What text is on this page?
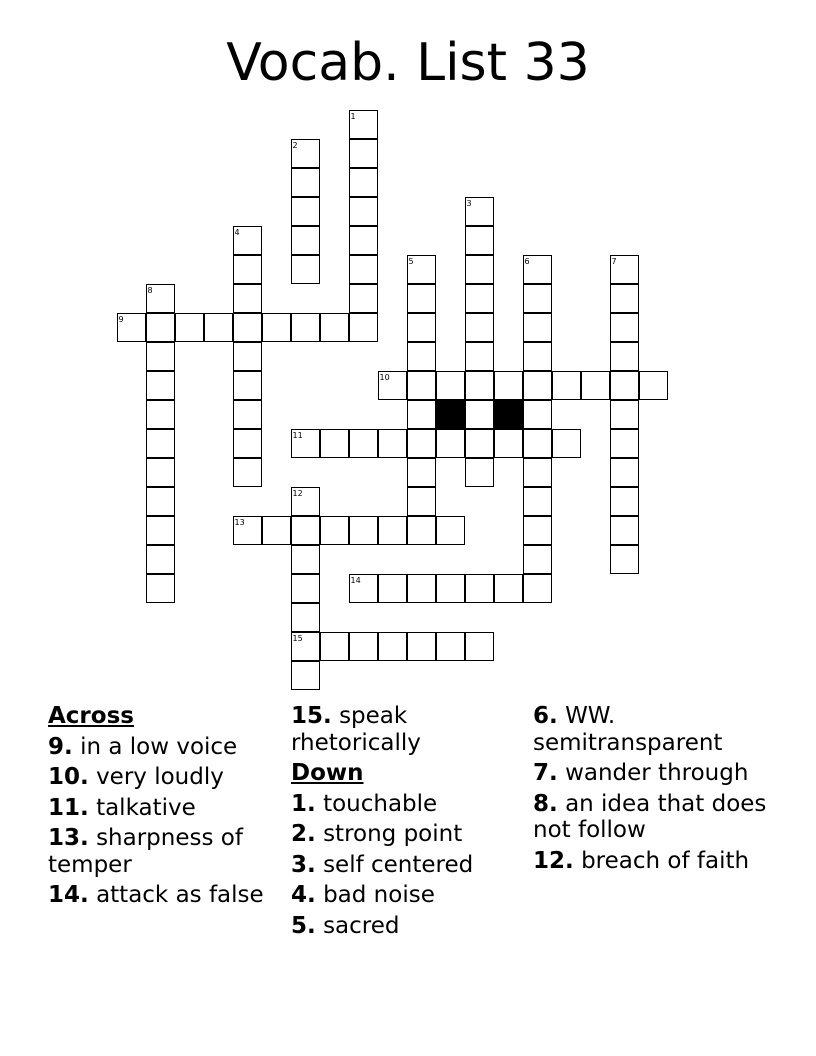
Vocab. List 33
1
2
3
4
5	6	7
8
9
10
11
12
13
14
15
Across
9. in a low voice
10. very loudly
11. talkative
13. sharpness of temper
14. attack as false
15. speak rhetorically
Down
1. touchable
2. strong point
3. self centered
4. bad noise
5. sacred
6. WW. semitransparent
7. wander through
8. an idea that does not follow
12. breach of faith
